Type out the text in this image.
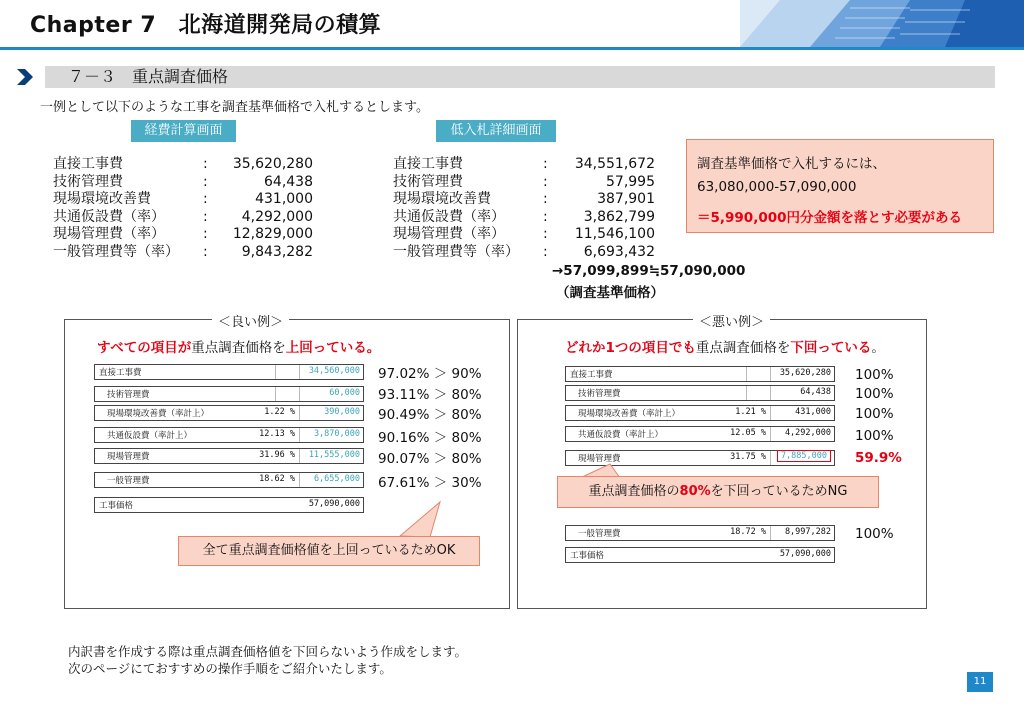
Chapter 7　北海道開発局の積算
７－３　重点調査価格
一例として以下のような工事を調査基準価格で入札するとします。
経費計算画面	低入札詳細画面
直接工事費	: 35,620,280
技術管理費	:	64,438
現場環境改善費	:	431,000
共通仮設費（率）	: 4,292,000
現場管理費（率）	: 12,829,000
一般管理費等（率） : 9,843,282
直接工事費	: 34,551,672
技術管理費	:	57,995
現場環境改善費	:	387,901
共通仮設費（率）	:	3,862,799
現場管理費（率）	: 11,546,100
一般管理費等（率） :	6,693,432
→57,099,899≒57,090,000
（調査基準価格）
調査基準価格で入札するには、
63,080,000-57,090,000
＝5,990,000円分金額を落とす必要がある
＜良い例＞
すべての項目が重点調査価格を上回っている。
直接工事費	34,560,000
技術管理費	60,000
現場環境改善費（率計上）	1.22 %	390,000
共通仮設費（率計上）	12.13 % 3,870,000
現場管理費	31.96 % 11,555,000
一般管理費	18.62 % 6,655,000
工事価格	57,090,000
97.02% ＞ 90%
93.11% ＞ 80%
90.49% ＞ 80%
90.16% ＞ 80%
90.07% ＞ 80%
67.61% ＞ 30%
全て重点調査価格値を上回っているためOK
＜悪い例＞
どれか1つの項目でも重点調査価格を下回っている。
直接工事費	35,620,280
技術管理費	64,438
現場環境改善費（率計上）	1.21 %	431,000
共通仮設費（率計上）	12.05 % 4,292,000
現場管理費	31.75 %	7,885,000
一般管理費	18.72 % 8,997,282
工事価格	57,090,000
100%
100%
100%
100%
59.9%
100%
重点調査価格の80%を下回っているためNG
内訳書を作成する際は重点調査価格値を下回らないよう作成をします。
次のページにておすすめの操作手順をご紹介いたします。
11
